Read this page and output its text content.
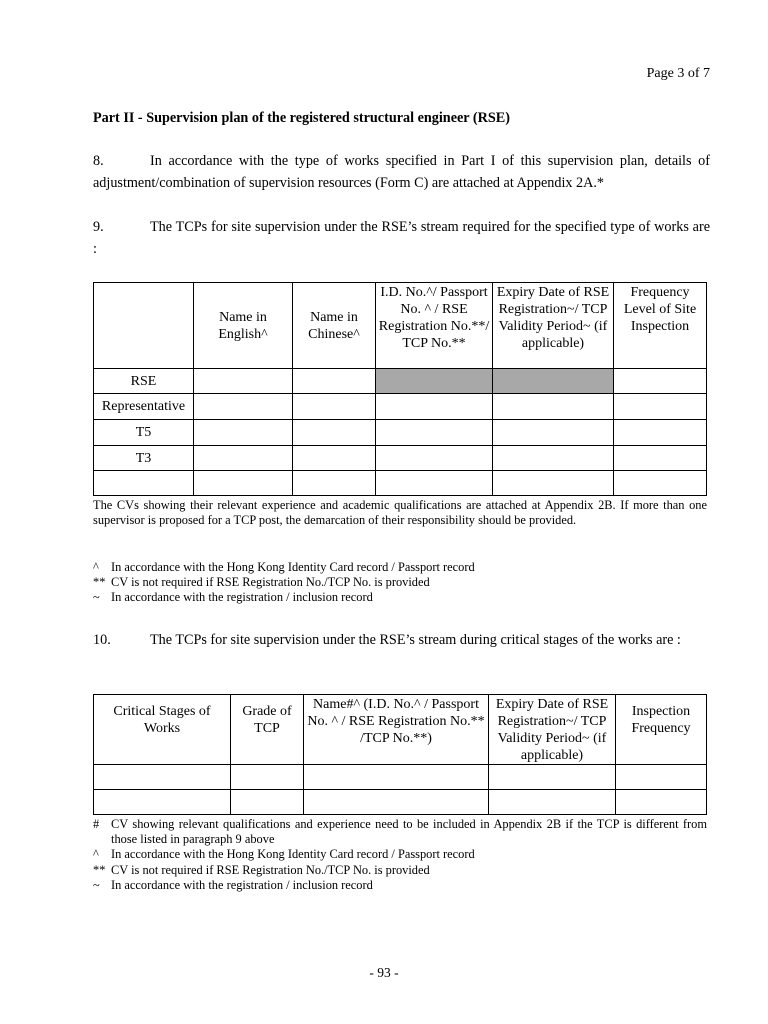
Page 3 of 7
Part II - Supervision plan of the registered structural engineer (RSE)
8.	In accordance with the type of works specified in Part I of this supervision plan, details of adjustment/combination of supervision resources (Form C) are attached at Appendix 2A.*
9.	The TCPs for site supervision under the RSE’s stream required for the specified type of works are :
	Name in English^	Name in Chinese^	I.D. No.^/ Passport No. ^ / RSE Registration No.**/ TCP No.**	Expiry Date of RSE Registration~/ TCP Validity Period~ (if applicable)	Frequency Level of Site Inspection
RSE					
Representative					
T5					
T3					

The CVs showing their relevant experience and academic qualifications are attached at Appendix 2B. If more than one supervisor is proposed for a TCP post, the demarcation of their responsibility should be provided.
^ In accordance with the Hong Kong Identity Card record / Passport record
** CV is not required if RSE Registration No./TCP No. is provided
~ In accordance with the registration / inclusion record
10.	The TCPs for site supervision under the RSE’s stream during critical stages of the works are :
Critical Stages of Works	Grade of TCP	Name#^ (I.D. No.^ / Passport No. ^ / RSE Registration No.** /TCP No.**)	Expiry Date of RSE Registration~/ TCP Validity Period~ (if applicable)	Inspection Frequency

# CV showing relevant qualifications and experience need to be included in Appendix 2B if the TCP is different from those listed in paragraph 9 above
^ In accordance with the Hong Kong Identity Card record / Passport record
** CV is not required if RSE Registration No./TCP No. is provided
~ In accordance with the registration / inclusion record
- 93 -
